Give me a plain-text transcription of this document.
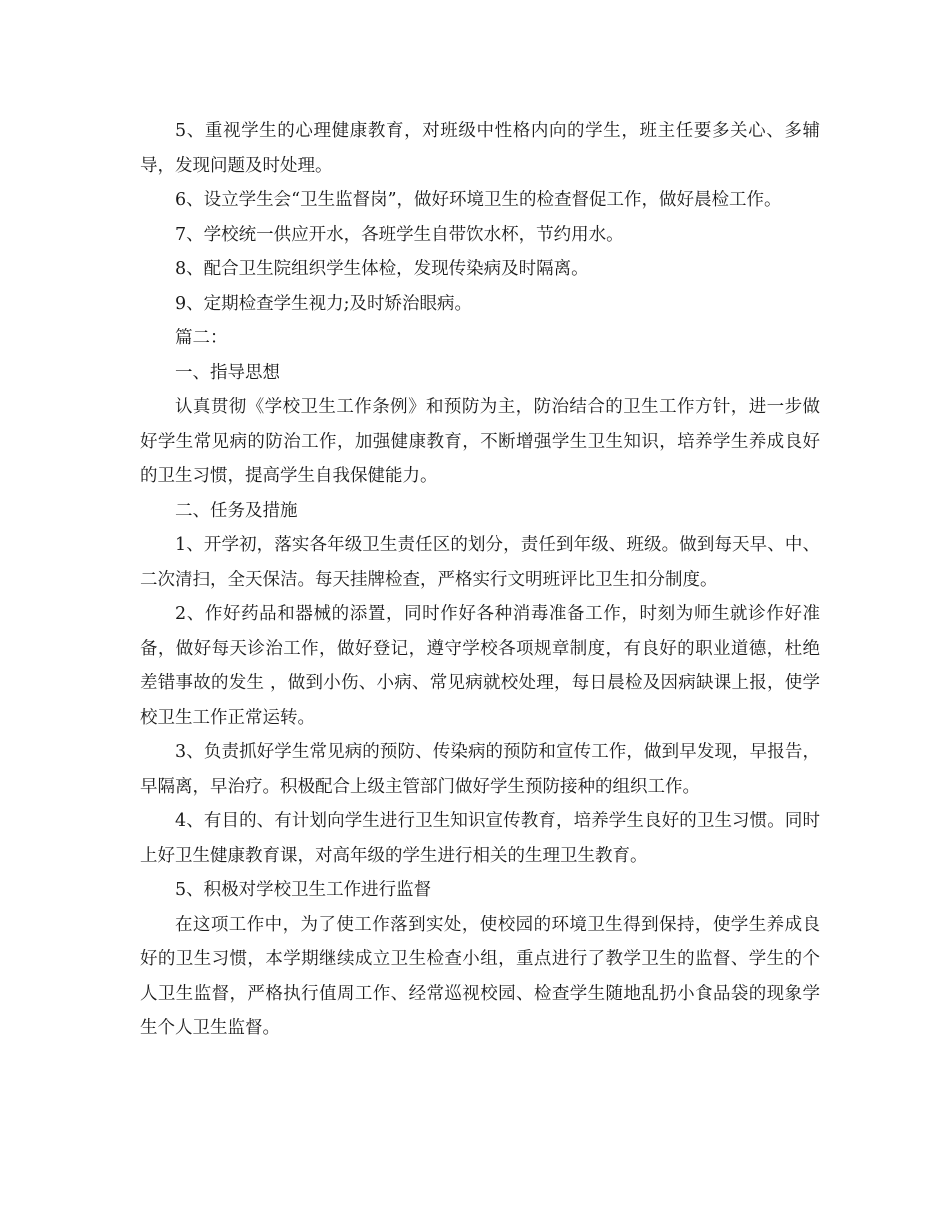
5、重视学生的心理健康教育，对班级中性格内向的学生，班主任要多关心、多辅导，发现问题及时处理。

6、设立学生会“卫生监督岗”，做好环境卫生的检查督促工作，做好晨检工作。

7、学校统一供应开水，各班学生自带饮水杯，节约用水。

8、配合卫生院组织学生体检，发现传染病及时隔离。

9、定期检查学生视力;及时矫治眼病。

篇二：

一、指导思想

认真贯彻《学校卫生工作条例》和预防为主，防治结合的卫生工作方针，进一步做好学生常见病的防治工作，加强健康教育，不断增强学生卫生知识，培养学生养成良好的卫生习惯，提高学生自我保健能力。

二、任务及措施

1、开学初，落实各年级卫生责任区的划分，责任到年级、班级。做到每天早、中、二次清扫，全天保洁。每天挂牌检查，严格实行文明班评比卫生扣分制度。

2、作好药品和器械的添置，同时作好各种消毒准备工作，时刻为师生就诊作好准备，做好每天诊治工作，做好登记，遵守学校各项规章制度，有良好的职业道德，杜绝差错事故的发生 ，做到小伤、小病、常见病就校处理，每日晨检及因病缺课上报，使学校卫生工作正常运转。

3、负责抓好学生常见病的预防、传染病的预防和宣传工作，做到早发现，早报告，早隔离，早治疗。积极配合上级主管部门做好学生预防接种的组织工作。

4、有目的、有计划向学生进行卫生知识宣传教育，培养学生良好的卫生习惯。同时上好卫生健康教育课，对高年级的学生进行相关的生理卫生教育。

5、积极对学校卫生工作进行监督

在这项工作中，为了使工作落到实处，使校园的环境卫生得到保持，使学生养成良好的卫生习惯，本学期继续成立卫生检查小组，重点进行了教学卫生的监督、学生的个人卫生监督，严格执行值周工作、经常巡视校园、检查学生随地乱扔小食品袋的现象学生个人卫生监督。
